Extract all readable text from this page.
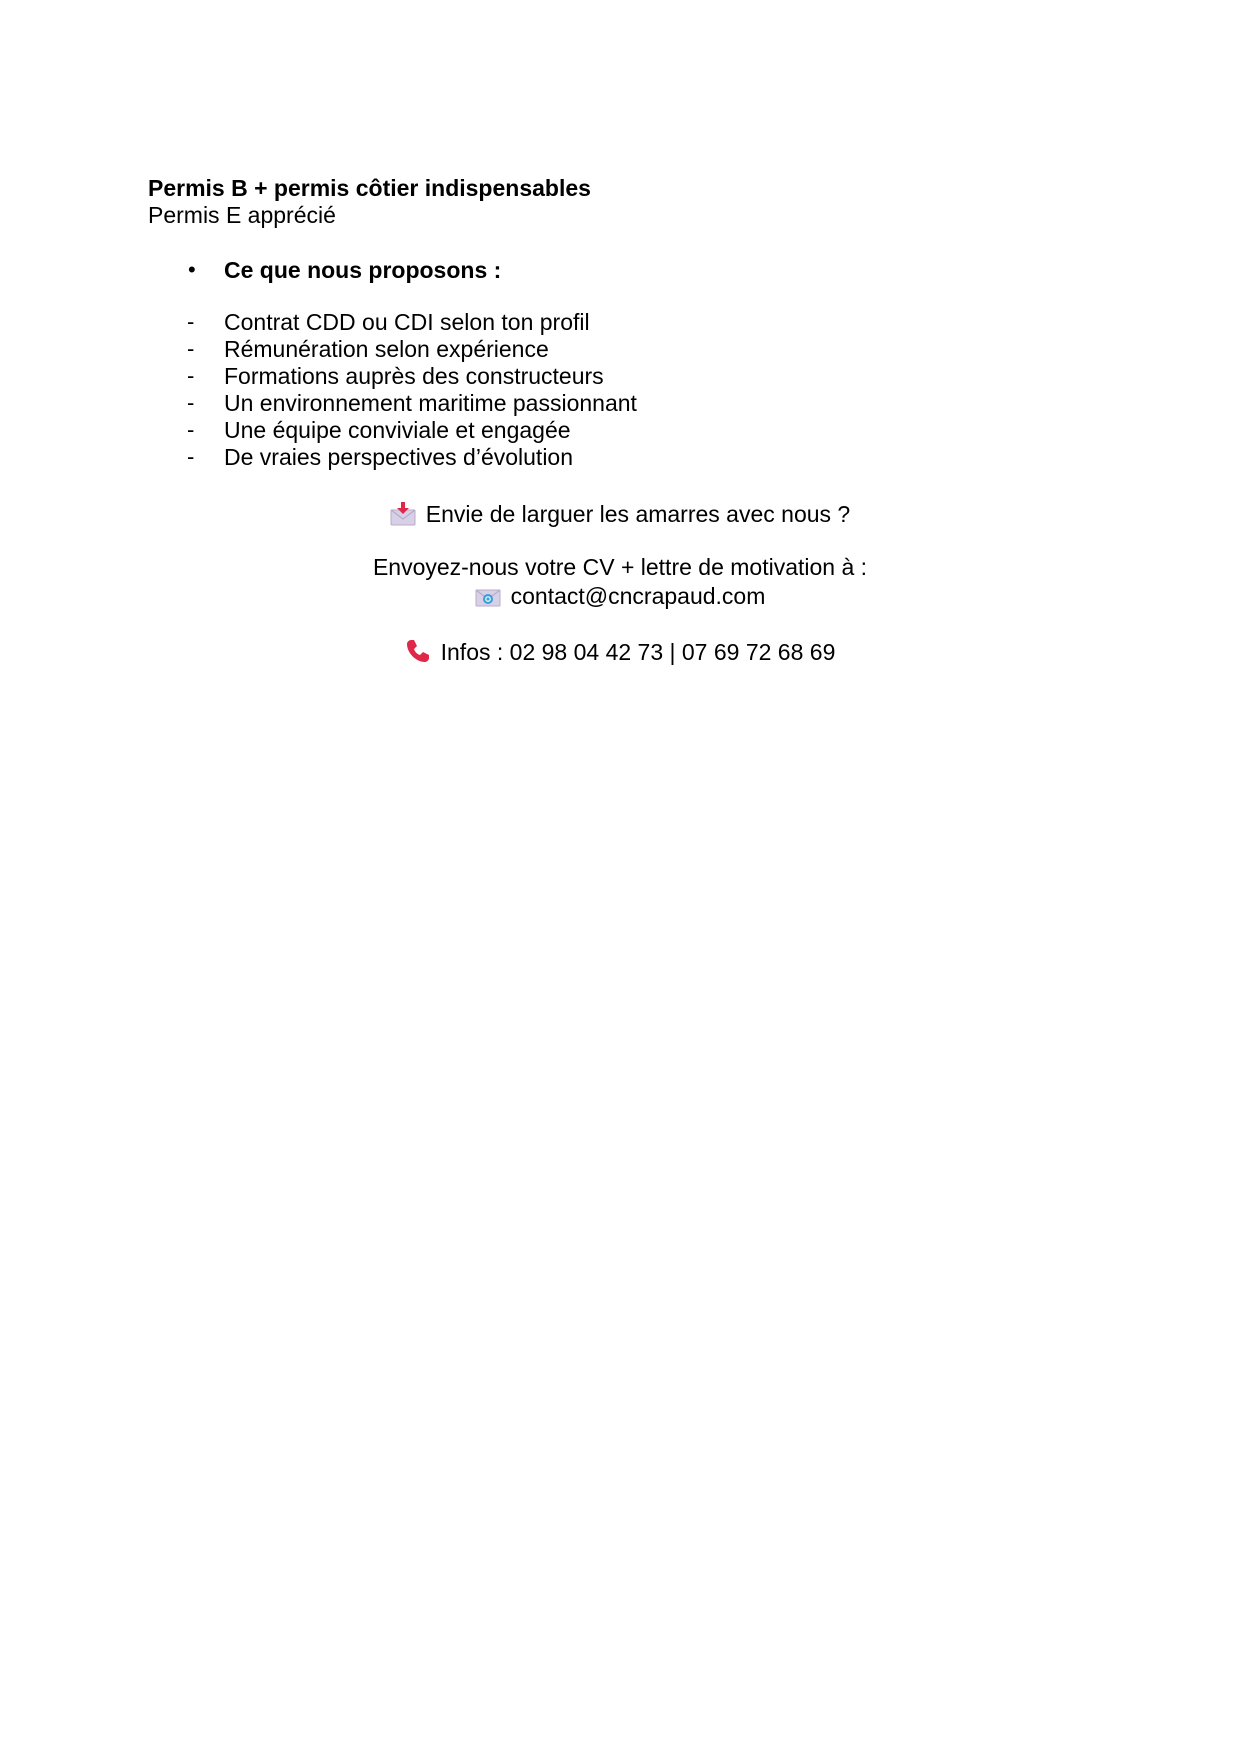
Permis B + permis côtier indispensables
Permis E apprécié
• Ce que nous proposons :
- Contrat CDD ou CDI selon ton profil
- Rémunération selon expérience
- Formations auprès des constructeurs
- Un environnement maritime passionnant
- Une équipe conviviale et engagée
- De vraies perspectives d’évolution
Envie de larguer les amarres avec nous ?
Envoyez-nous votre CV + lettre de motivation à :
contact@cncrapaud.com
Infos : 02 98 04 42 73 | 07 69 72 68 69
